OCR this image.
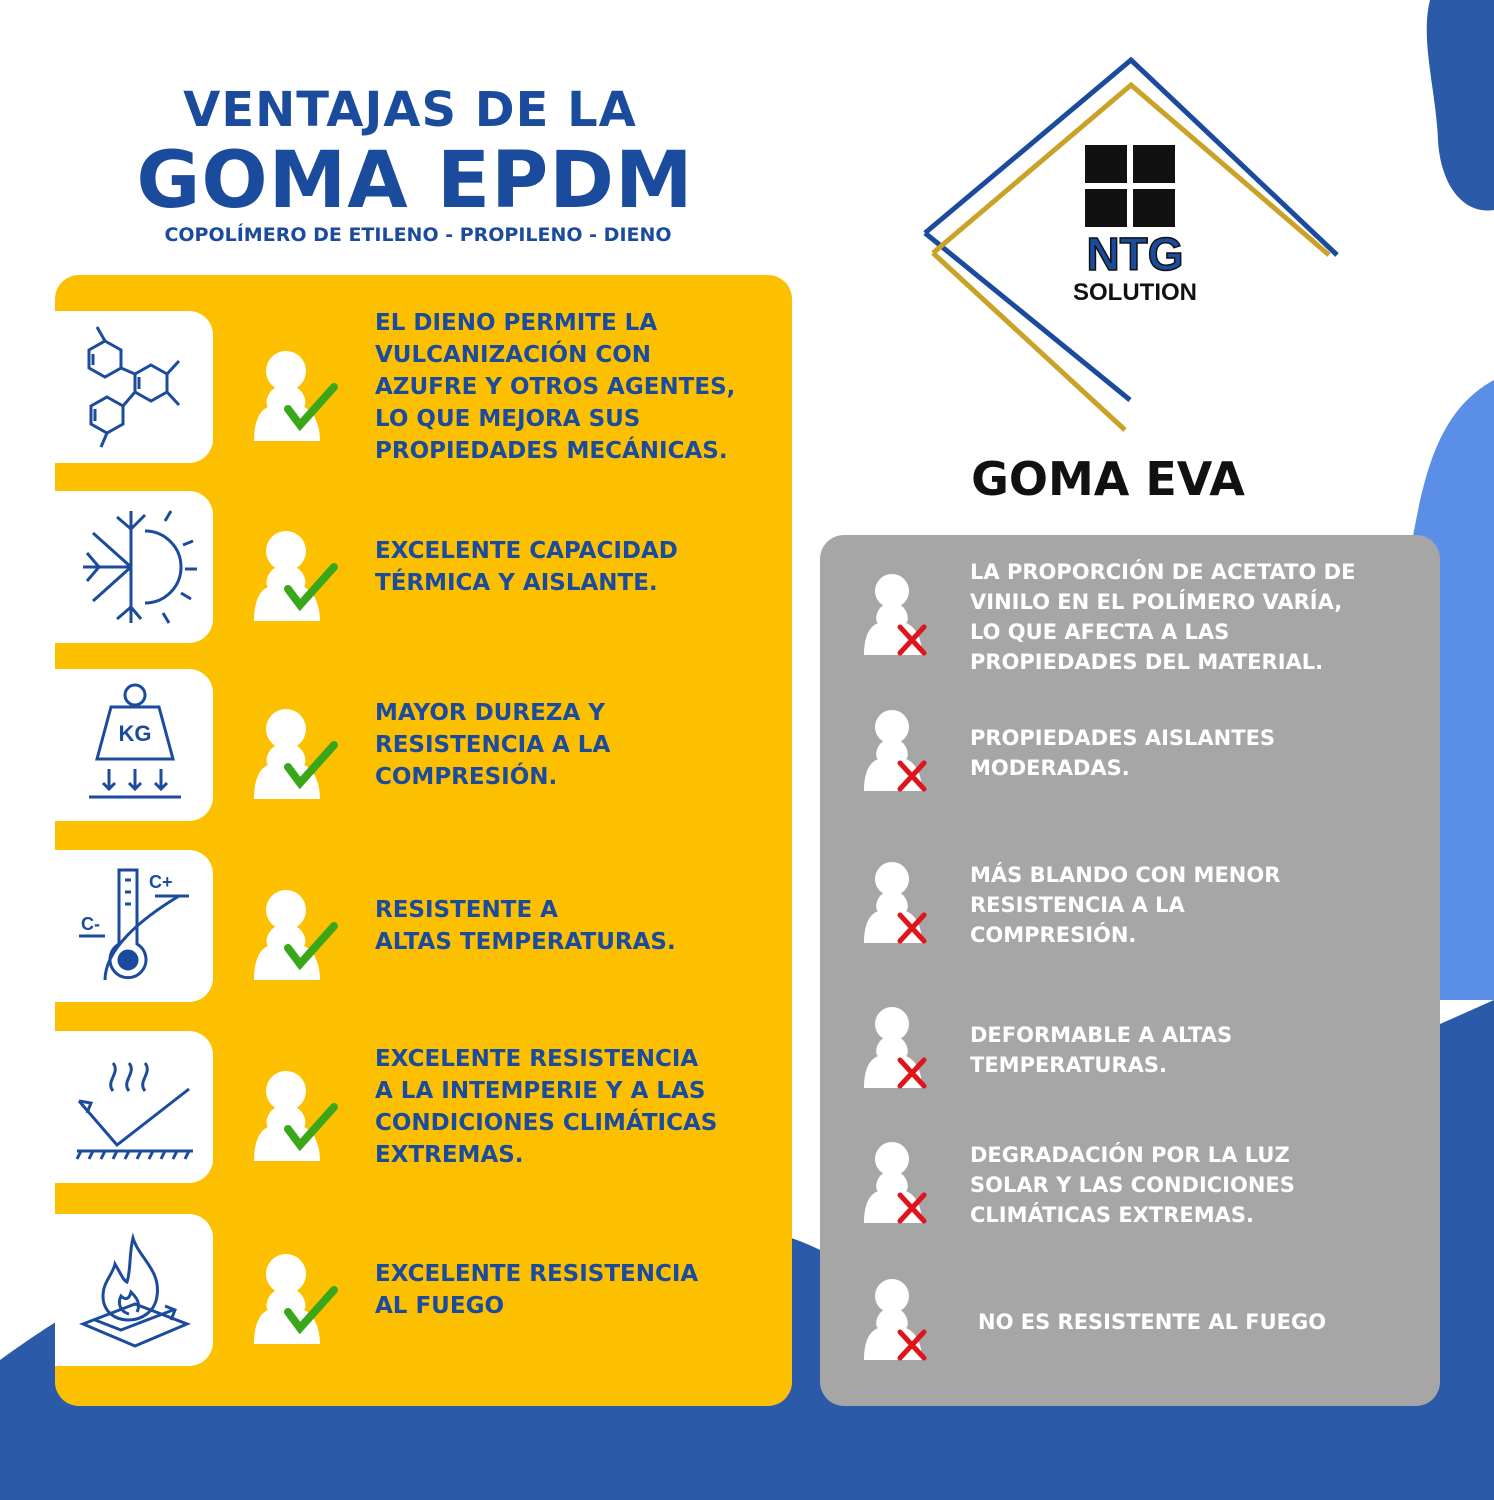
VENTAJAS DE LA
GOMA EPDM
COPOLÍMERO DE ETILENO - PROPILENO - DIENO	NTG
SOLUTION
EL DIENO PERMITE LA
VULCANIZACIÓN CON
AZUFRE Y OTROS AGENTES,
LO QUE MEJORA SUS
PROPIEDADES MECÁNICAS.
EXCELENTE CAPACIDAD
TÉRMICA Y AISLANTE.
KG
MAYOR DUREZA Y
RESISTENCIA A LA
COMPRESIÓN.
C+
C-
RESISTENTE A
ALTAS TEMPERATURAS.
EXCELENTE RESISTENCIA
A LA INTEMPERIE Y A LAS
CONDICIONES CLIMÁTICAS
EXTREMAS.
EXCELENTE RESISTENCIA
AL FUEGO
GOMA EVA
LA PROPORCIÓN DE ACETATO DE
VINILO EN EL POLÍMERO VARÍA,
LO QUE AFECTA A LAS
PROPIEDADES DEL MATERIAL.
PROPIEDADES AISLANTES
MODERADAS.
MÁS BLANDO CON MENOR
RESISTENCIA A LA
COMPRESIÓN.
DEFORMABLE A ALTAS
TEMPERATURAS.
DEGRADACIÓN POR LA LUZ
SOLAR Y LAS CONDICIONES
CLIMÁTICAS EXTREMAS.
NO ES RESISTENTE AL FUEGO
